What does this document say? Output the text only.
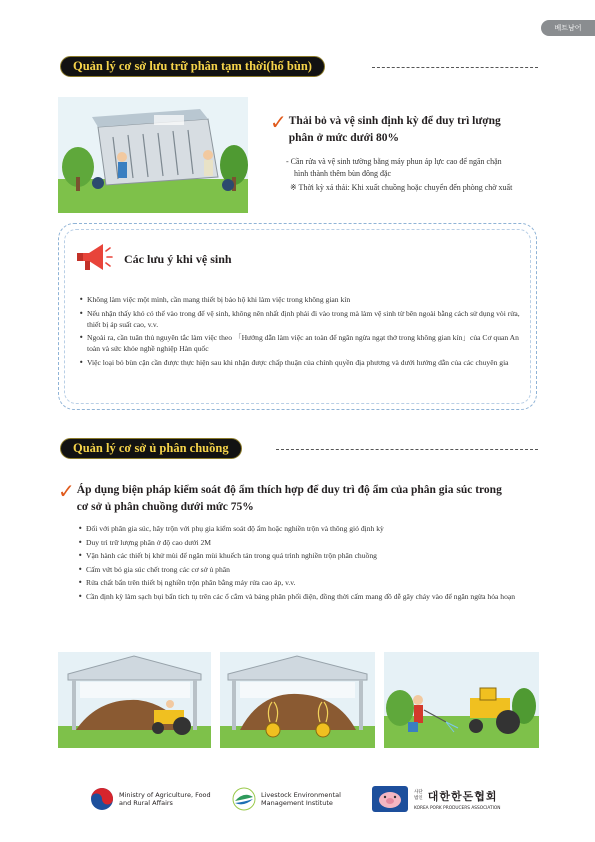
베트남어
Quản lý cơ sở lưu trữ phân tạm thời(hố bùn)
✓ Thải bỏ và vệ sinh định kỳ để duy trì lượng
phân ở mức dưới 80%
- Cần rửa và vệ sinh tường bằng máy phun áp lực cao để ngăn chặn
hình thành thêm bùn đông đặc
※ Thời kỳ xả thải: Khi xuất chuồng hoặc chuyển đến phòng chờ xuất
Các lưu ý khi vệ sinh
• Không làm việc một mình, cần mang thiết bị bảo hộ khi làm việc trong không gian kín
• Nếu nhận thấy khó có thể vào trong để vệ sinh, không nên nhất định phải đi vào trong mà làm vệ sinh từ bên ngoài bằng cách sử dụng vòi rửa, thiết bị áp suất cao, v.v.
• Ngoài ra, cần tuân thủ nguyên tắc làm việc theo 「Hướng dẫn làm việc an toàn để ngăn ngừa ngạt thở trong không gian kín」của Cơ quan An toàn và sức khỏe nghề nghiệp Hàn quốc
• Việc loại bỏ bùn cặn cần được thực hiện sau khi nhận được chấp thuận của chính quyền địa phương và dưới hướng dẫn của các chuyên gia
Quản lý cơ sở ủ phân chuồng
✓ Áp dụng biện pháp kiểm soát độ ẩm thích hợp để duy trì độ ẩm của phân gia súc trong
cơ sở ủ phân chuồng dưới mức 75%
• Đối với phân gia súc, hãy trộn với phụ gia kiểm soát độ ẩm hoặc nghiền trộn và thông gió định kỳ
• Duy trì trữ lượng phân ở độ cao dưới 2M
• Vận hành các thiết bị khử mùi để ngăn mùi khuếch tán trong quá trình nghiền trộn phân chuồng
• Cấm vứt bỏ gia súc chết trong các cơ sở ủ phân
• Rửa chất bẩn trên thiết bị nghiền trộn phân bằng máy rửa cao áp, v.v.
• Cần định kỳ làm sạch bụi bẩn tích tụ trên các ổ cắm và bảng phân phối điện, đồng thời cấm mang đồ dễ gây cháy vào để ngăn ngừa hỏa hoạn
Ministry of Agriculture, Food
and Rural Affairs
Livestock Environmental
Management Institute
사단
법인 대한한돈협회
KOREA PORK PRODUCERS ASSOCIATION
